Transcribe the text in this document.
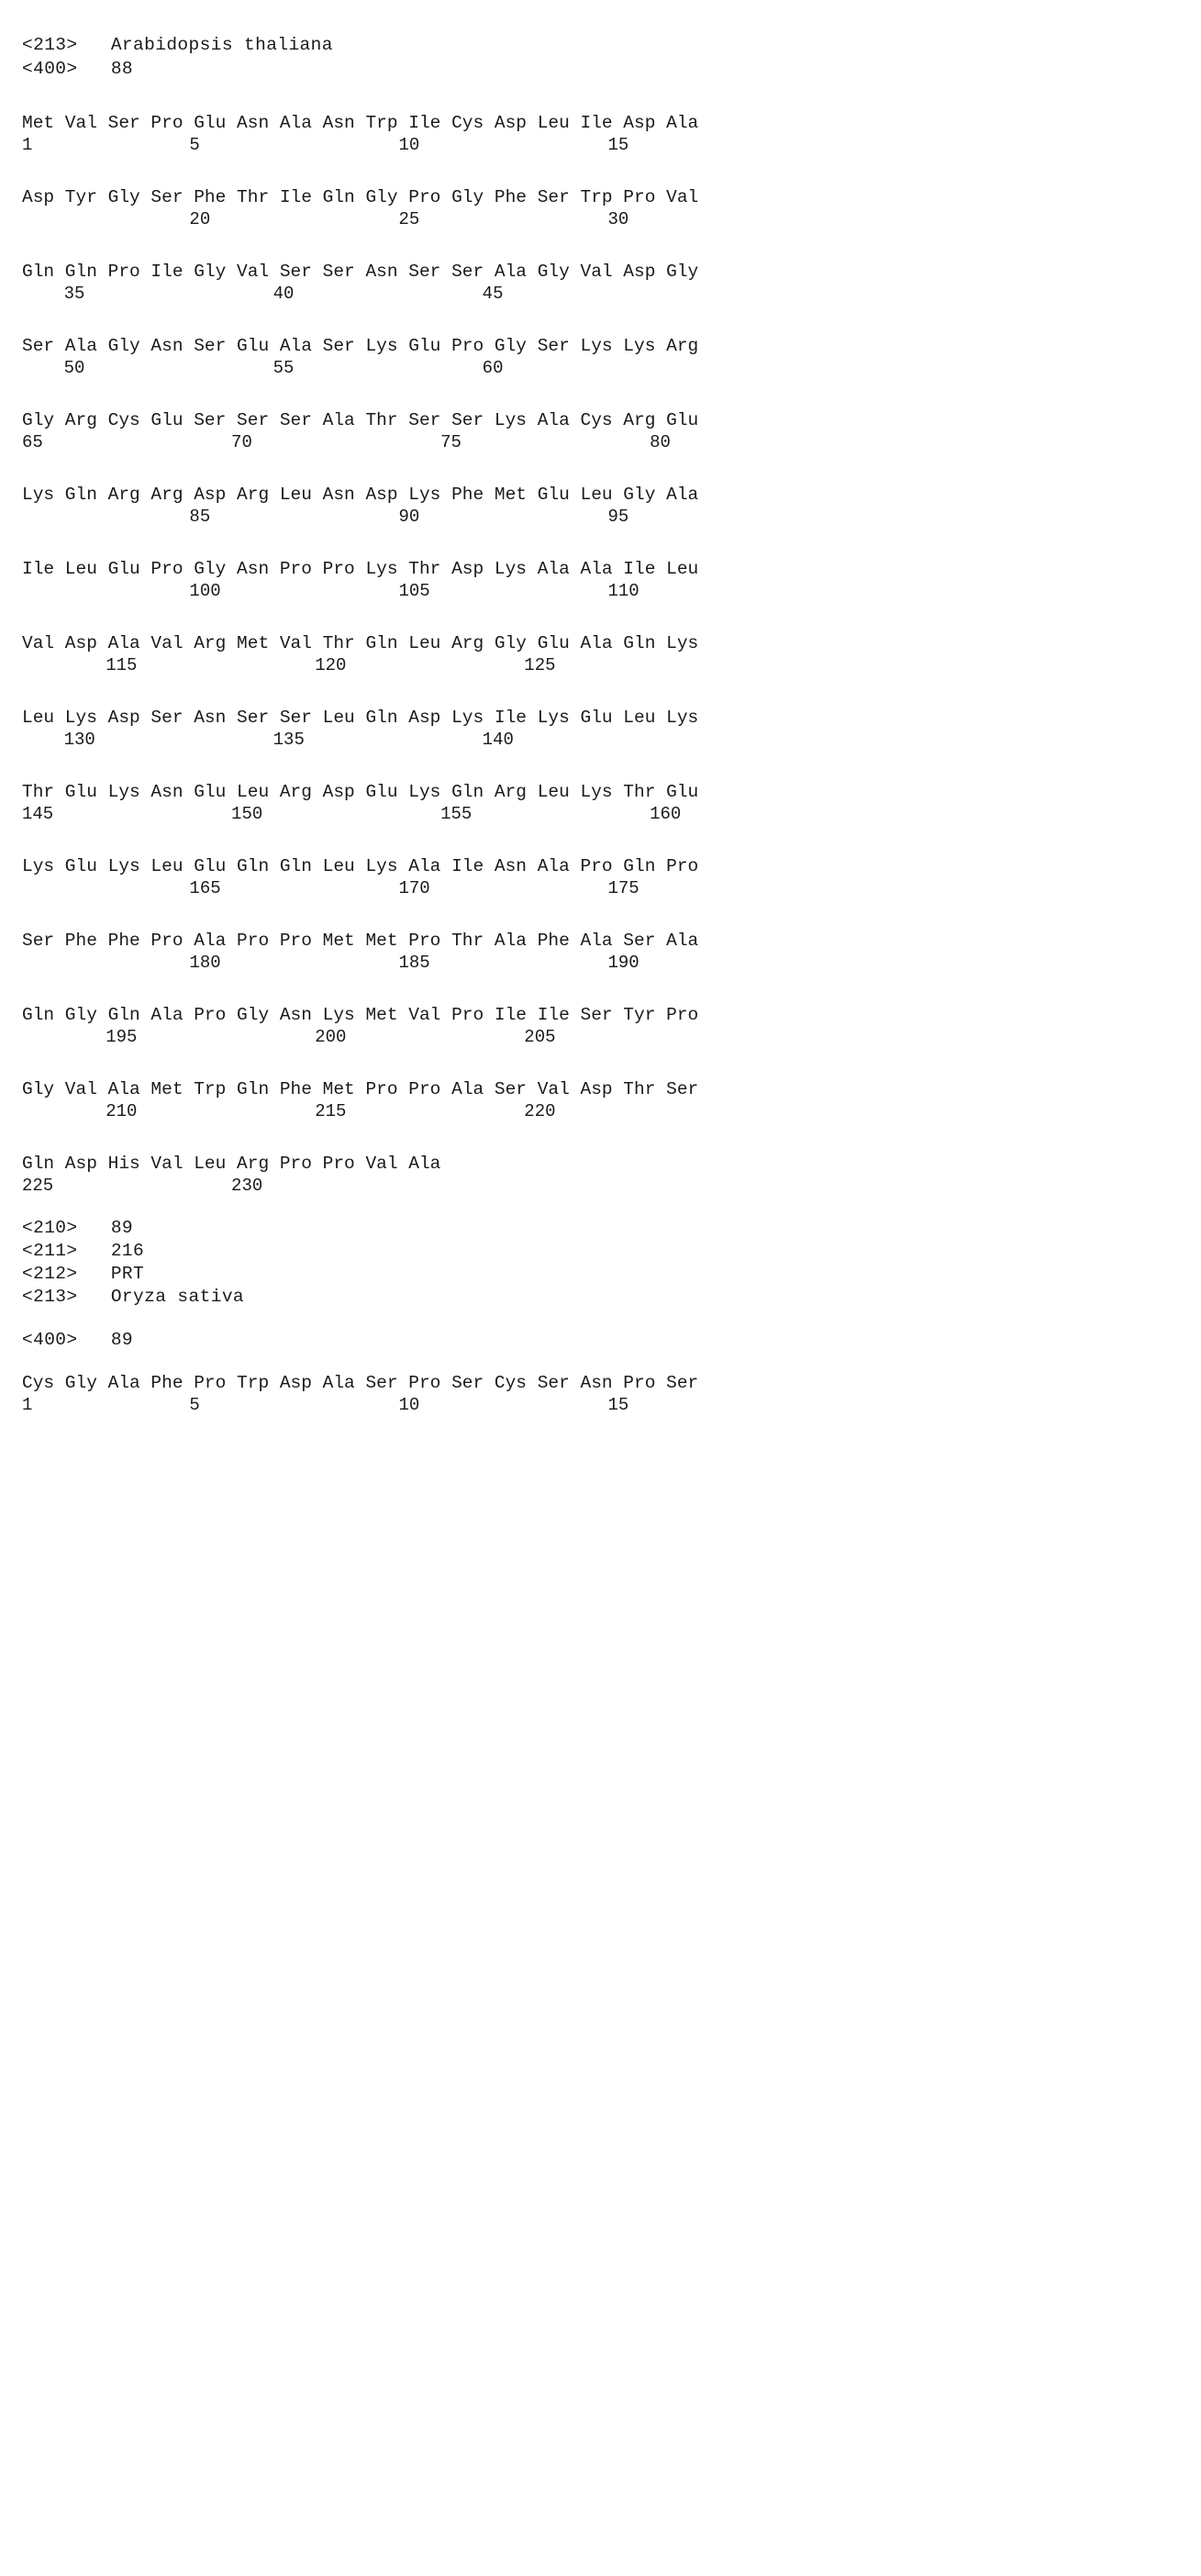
<213>   Arabidopsis thaliana
<400>   88
Met Val Ser Pro Glu Asn Ala Asn Trp Ile Cys Asp Leu Ile Asp Ala
1               5                   10                  15
Asp Tyr Gly Ser Phe Thr Ile Gln Gly Pro Gly Phe Ser Trp Pro Val
20                  25                  30
Gln Gln Pro Ile Gly Val Ser Ser Asn Ser Ser Ala Gly Val Asp Gly
35                  40                  45
Ser Ala Gly Asn Ser Glu Ala Ser Lys Glu Pro Gly Ser Lys Lys Arg
50                  55                  60
Gly Arg Cys Glu Ser Ser Ser Ala Thr Ser Ser Lys Ala Cys Arg Glu
65                  70                  75                  80
Lys Gln Arg Arg Asp Arg Leu Asn Asp Lys Phe Met Glu Leu Gly Ala
85                  90                  95
Ile Leu Glu Pro Gly Asn Pro Pro Lys Thr Asp Lys Ala Ala Ile Leu
100                 105                 110
Val Asp Ala Val Arg Met Val Thr Gln Leu Arg Gly Glu Ala Gln Lys
115                 120                 125
Leu Lys Asp Ser Asn Ser Ser Leu Gln Asp Lys Ile Lys Glu Leu Lys
130                 135                 140
Thr Glu Lys Asn Glu Leu Arg Asp Glu Lys Gln Arg Leu Lys Thr Glu
145                 150                 155                 160
Lys Glu Lys Leu Glu Gln Gln Leu Lys Ala Ile Asn Ala Pro Gln Pro
165                 170                 175
Ser Phe Phe Pro Ala Pro Pro Met Met Pro Thr Ala Phe Ala Ser Ala
180                 185                 190
Gln Gly Gln Ala Pro Gly Asn Lys Met Val Pro Ile Ile Ser Tyr Pro
195                 200                 205
Gly Val Ala Met Trp Gln Phe Met Pro Pro Ala Ser Val Asp Thr Ser
210                 215                 220
Gln Asp His Val Leu Arg Pro Pro Val Ala
225                 230
<210>   89
<211>   216
<212>   PRT
<213>   Oryza sativa
<400>   89
Cys Gly Ala Phe Pro Trp Asp Ala Ser Pro Ser Cys Ser Asn Pro Ser
1               5                   10                  15
